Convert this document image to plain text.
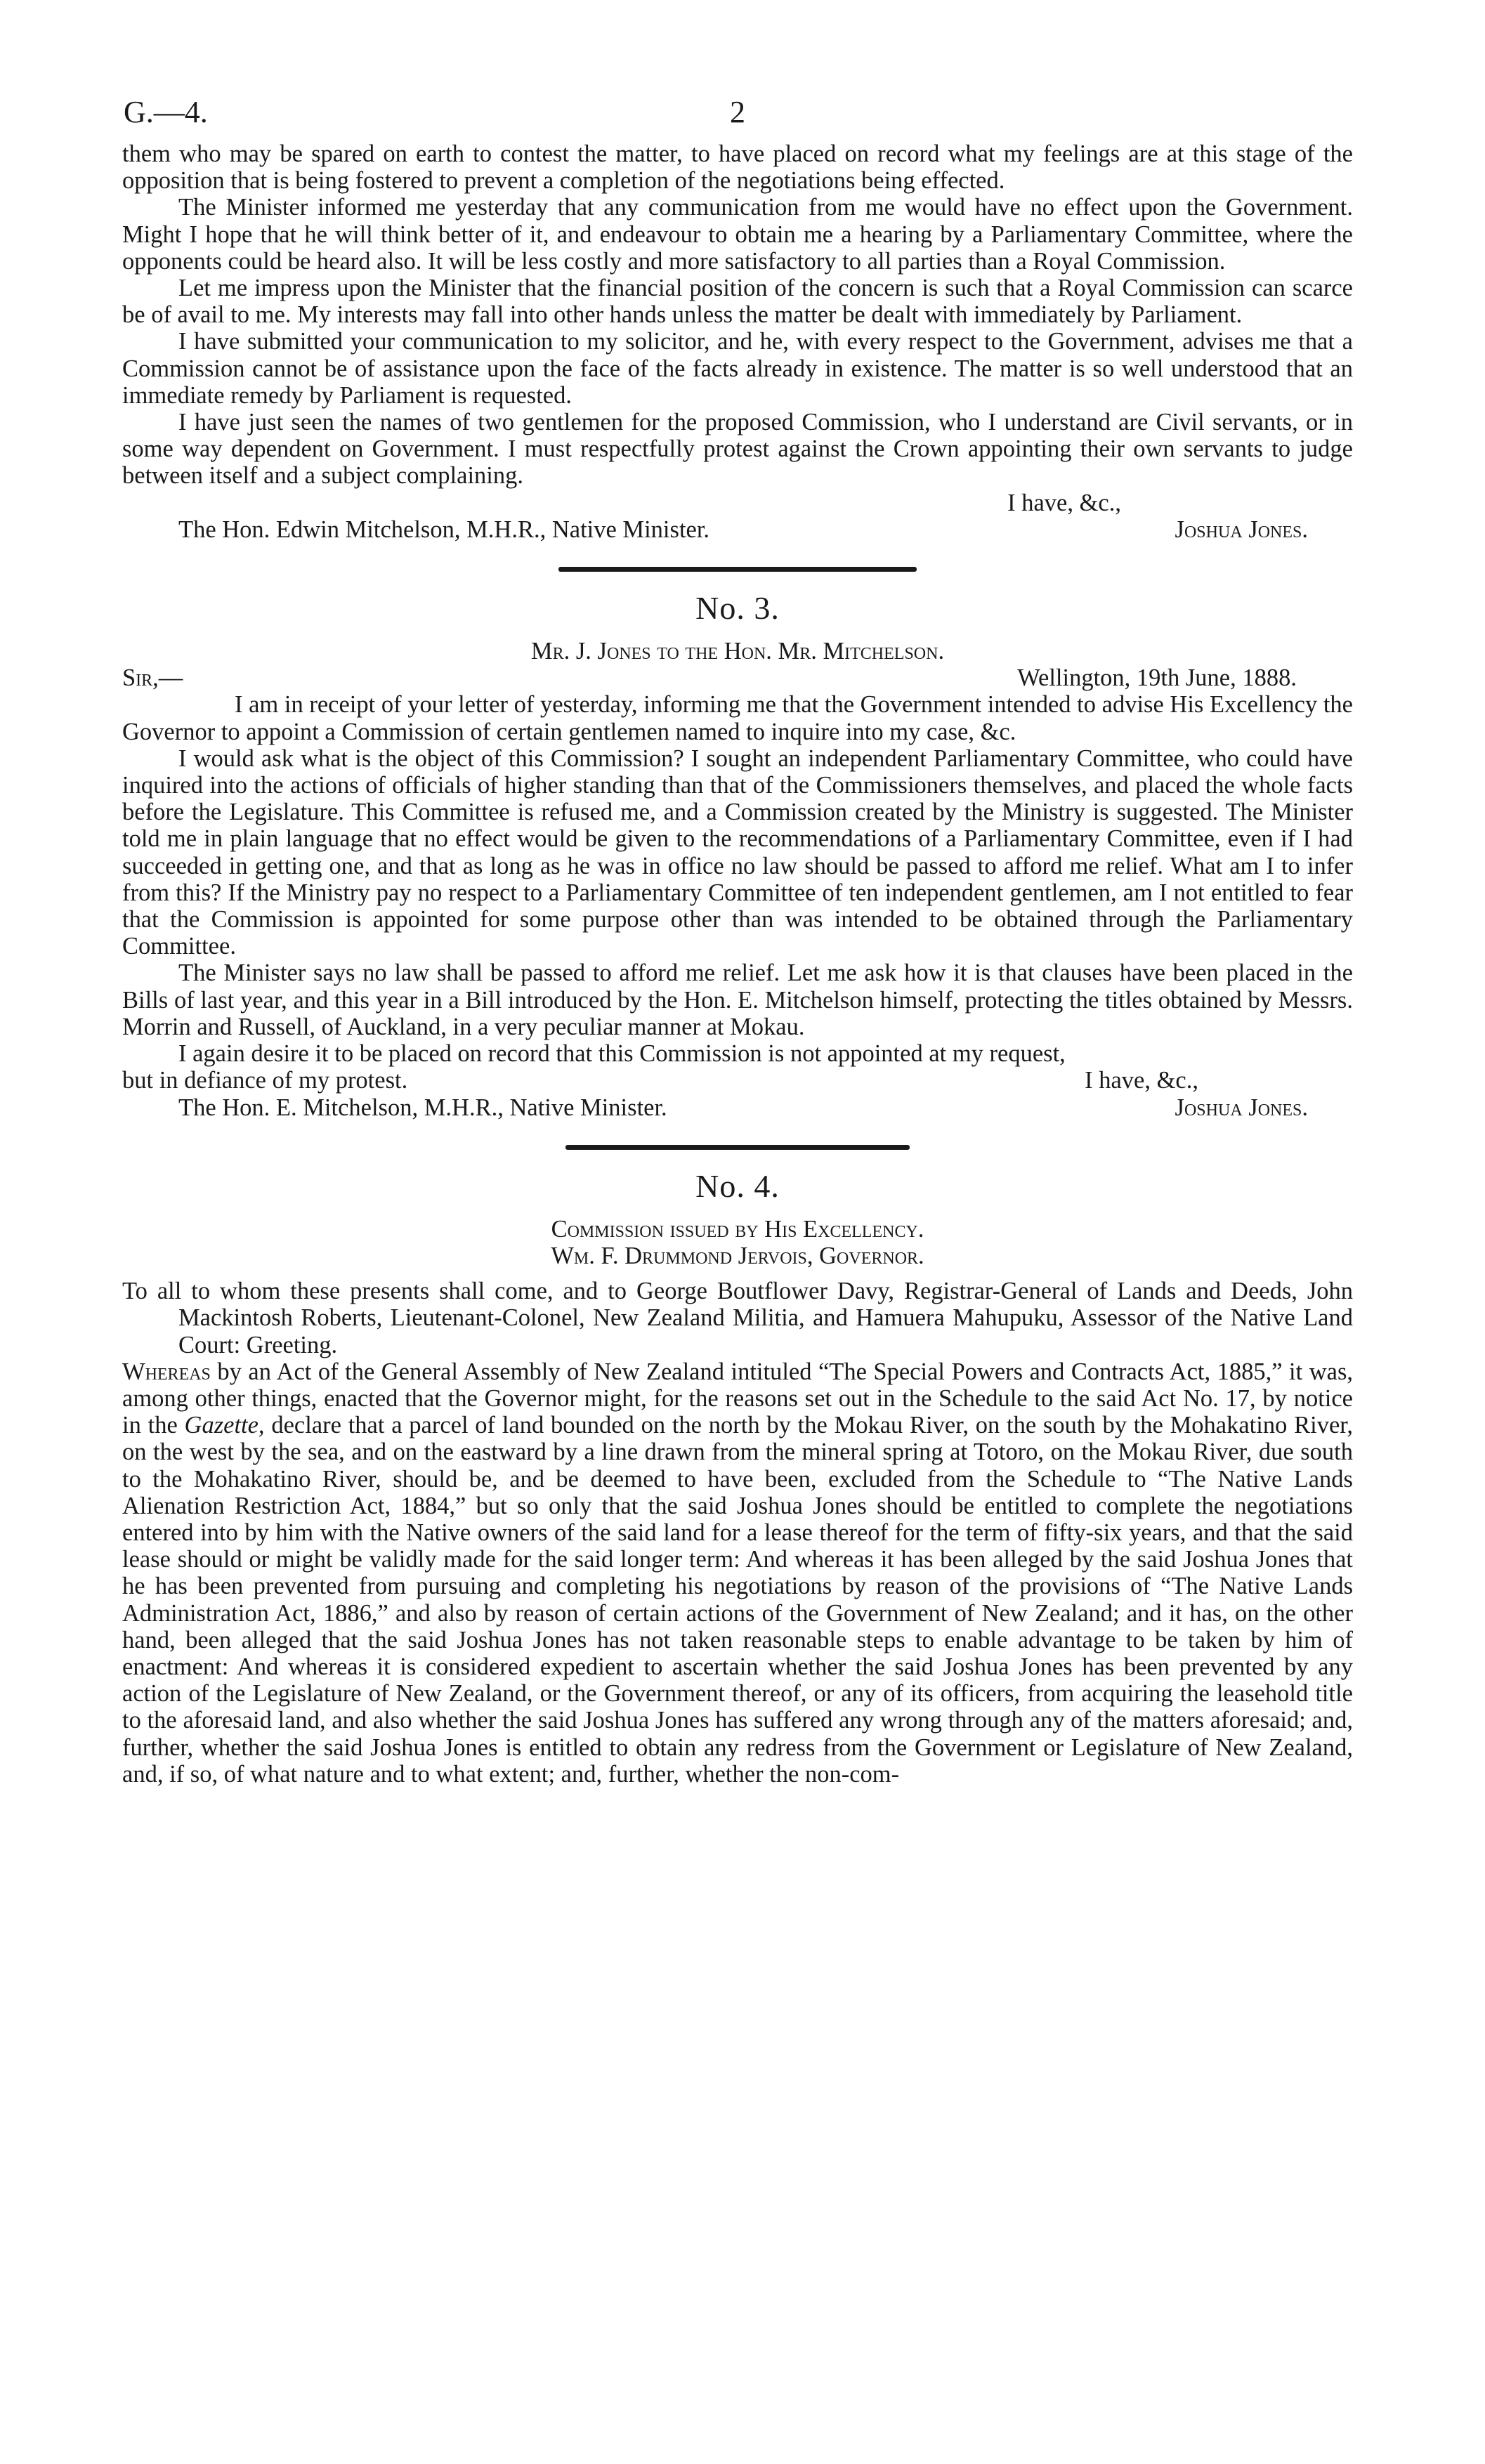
G.—4.	2

them who may be spared on earth to contest the matter, to have placed on record what my feelings are at this stage of the opposition that is being fostered to prevent a completion of the negotiations being effected.

The Minister informed me yesterday that any communication from me would have no effect upon the Government. Might I hope that he will think better of it, and endeavour to obtain me a hearing by a Parliamentary Committee, where the opponents could be heard also. It will be less costly and more satisfactory to all parties than a Royal Commission.

Let me impress upon the Minister that the financial position of the concern is such that a Royal Commission can scarce be of avail to me. My interests may fall into other hands unless the matter be dealt with immediately by Parliament.

I have submitted your communication to my solicitor, and he, with every respect to the Government, advises me that a Commission cannot be of assistance upon the face of the facts already in existence. The matter is so well understood that an immediate remedy by Parliament is requested.

I have just seen the names of two gentlemen for the proposed Commission, who I understand are Civil servants, or in some way dependent on Government. I must respectfully protest against the Crown appointing their own servants to judge between itself and a subject complaining.

I have, &c.,
The Hon. Edwin Mitchelson, M.H.R., Native Minister.	Joshua Jones.
No. 3.
Mr. J. Jones to the Hon. Mr. Mitchelson.
Sir,—	Wellington, 19th June, 1888.

I am in receipt of your letter of yesterday, informing me that the Government intended to advise His Excellency the Governor to appoint a Commission of certain gentlemen named to inquire into my case, &c.

I would ask what is the object of this Commission? I sought an independent Parliamentary Committee, who could have inquired into the actions of officials of higher standing than that of the Commissioners themselves, and placed the whole facts before the Legislature. This Committee is refused me, and a Commission created by the Ministry is suggested. The Minister told me in plain language that no effect would be given to the recommendations of a Parliamentary Committee, even if I had succeeded in getting one, and that as long as he was in office no law should be passed to afford me relief. What am I to infer from this? If the Ministry pay no respect to a Parliamentary Committee of ten independent gentlemen, am I not entitled to fear that the Commission is appointed for some purpose other than was intended to be obtained through the Parliamentary Committee.

The Minister says no law shall be passed to afford me relief. Let me ask how it is that clauses have been placed in the Bills of last year, and this year in a Bill introduced by the Hon. E. Mitchelson himself, protecting the titles obtained by Messrs. Morrin and Russell, of Auckland, in a very peculiar manner at Mokau.

I again desire it to be placed on record that this Commission is not appointed at my request,

but in defiance of my protest.	I have, &c.,
The Hon. E. Mitchelson, M.H.R., Native Minister.	Joshua Jones.
No. 4.
Commission issued by His Excellency.
Wm. F. Drummond Jervois, Governor.

To all to whom these presents shall come, and to George Boutflower Davy, Registrar-General of Lands and Deeds, John Mackintosh Roberts, Lieutenant-Colonel, New Zealand Militia, and Hamuera Mahupuku, Assessor of the Native Land Court: Greeting.

Whereas by an Act of the General Assembly of New Zealand intituled “The Special Powers and Contracts Act, 1885,” it was, among other things, enacted that the Governor might, for the reasons set out in the Schedule to the said Act No. 17, by notice in the Gazette, declare that a parcel of land bounded on the north by the Mokau River, on the south by the Mohakatino River, on the west by the sea, and on the eastward by a line drawn from the mineral spring at Totoro, on the Mokau River, due south to the Mohakatino River, should be, and be deemed to have been, excluded from the Schedule to “The Native Lands Alienation Restriction Act, 1884,” but so only that the said Joshua Jones should be entitled to complete the negotiations entered into by him with the Native owners of the said land for a lease thereof for the term of fifty-six years, and that the said lease should or might be validly made for the said longer term: And whereas it has been alleged by the said Joshua Jones that he has been prevented from pursuing and completing his negotiations by reason of the provisions of “The Native Lands Administration Act, 1886,” and also by reason of certain actions of the Government of New Zealand; and it has, on the other hand, been alleged that the said Joshua Jones has not taken reasonable steps to enable advantage to be taken by him of enactment: And whereas it is considered expedient to ascertain whether the said Joshua Jones has been prevented by any action of the Legislature of New Zealand, or the Government thereof, or any of its officers, from acquiring the leasehold title to the aforesaid land, and also whether the said Joshua Jones has suffered any wrong through any of the matters aforesaid; and, further, whether the said Joshua Jones is entitled to obtain any redress from the Government or Legislature of New Zealand, and, if so, of what nature and to what extent; and, further, whether the non-com-
